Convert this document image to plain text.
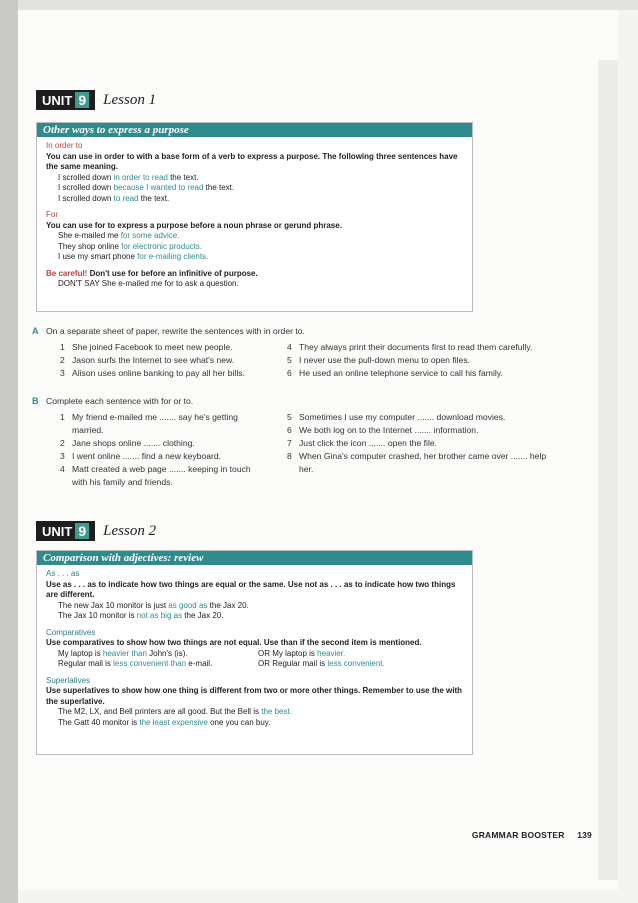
UNIT 9 Lesson 1
Other ways to express a purpose
In order to
You can use in order to with a base form of a verb to express a purpose. The following three sentences have the same meaning.
I scrolled down in order to read the text.
I scrolled down because I wanted to read the text.
I scrolled down to read the text.
For
You can use for to express a purpose before a noun phrase or gerund phrase.
She e-mailed me for some advice.
They shop online for electronic products.
I use my smart phone for e-mailing clients.
Be careful! Don't use for before an infinitive of purpose.
DON'T SAY She e-mailed me for to ask a question.
A On a separate sheet of paper, rewrite the sentences with in order to.
1 She joined Facebook to meet new people.
2 Jason surfs the Internet to see what's new.
3 Alison uses online banking to pay all her bills.
4 They always print their documents first to read them carefully.
5 I never use the pull-down menu to open files.
6 He used an online telephone service to call his family.
B Complete each sentence with for or to.
1 My friend e-mailed me ....... say he's getting married.
2 Jane shops online ....... clothing.
3 I went online ....... find a new keyboard.
4 Matt created a web page ....... keeping in touch with his family and friends.
5 Sometimes I use my computer ....... download movies.
6 We both log on to the Internet ....... information.
7 Just click the icon ....... open the file.
8 When Gina's computer crashed, her brother came over ....... help her.
UNIT 9 Lesson 2
Comparison with adjectives: review
As . . . as
Use as . . . as to indicate how two things are equal or the same. Use not as . . . as to indicate how two things are different.
The new Jax 10 monitor is just as good as the Jax 20.
The Jax 10 monitor is not as big as the Jax 20.
Comparatives
Use comparatives to show how two things are not equal. Use than if the second item is mentioned.
My laptop is heavier than John's (is).	OR My laptop is heavier.
Regular mail is less convenient than e-mail.	OR Regular mail is less convenient.
Superlatives
Use superlatives to show how one thing is different from two or more other things. Remember to use the with the superlative.
The M2, LX, and Bell printers are all good. But the Bell is the best.
The Gatt 40 monitor is the least expensive one you can buy.
GRAMMAR BOOSTER 139
